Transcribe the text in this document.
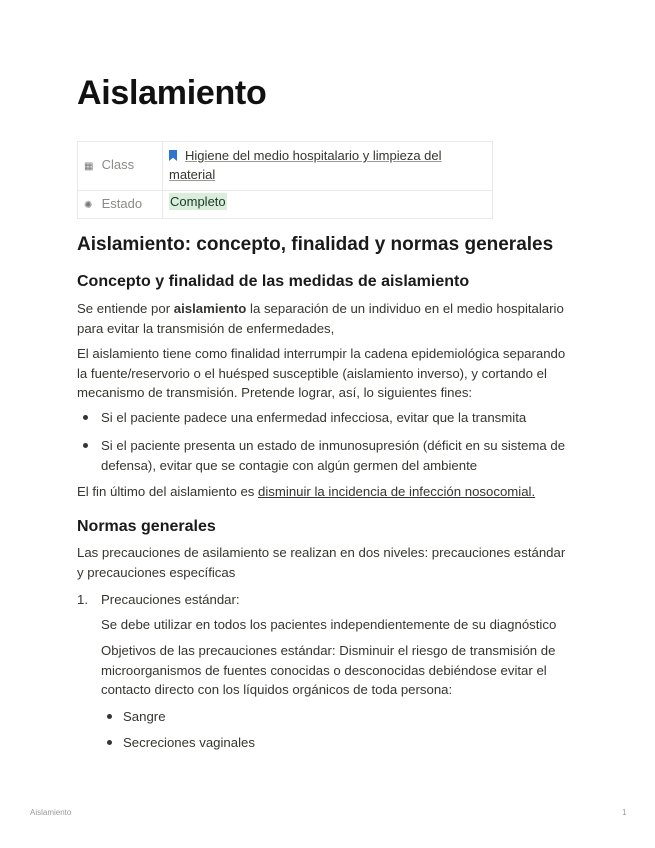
Aislamiento
▦ Class	Higiene del medio hospitalario y limpieza del material
✺ Estado	Completo
Aislamiento: concepto, finalidad y normas generales
Concepto y finalidad de las medidas de aislamiento

Se entiende por aislamiento la separación de un individuo en el medio hospitalario para evitar la transmisión de enfermedades,

El aislamiento tiene como finalidad interrumpir la cadena epidemiológica separando la fuente/reservorio o el huésped susceptible (aislamiento inverso), y cortando el mecanismo de transmisión. Pretende lograr, así, lo siguientes fines:

Si el paciente padece una enfermedad infecciosa, evitar que la transmita
Si el paciente presenta un estado de inmunosupresión (déficit en su sistema de defensa), evitar que se contagie con algún germen del ambiente

El fin último del aislamiento es disminuir la incidencia de infección nosocomial.

Normas generales

Las precauciones de asilamiento se realizan en dos niveles: precauciones estándar y precauciones específicas

1. Precauciones estándar:
Se debe utilizar en todos los pacientes independientemente de su diagnóstico
Objetivos de las precauciones estándar: Disminuir el riesgo de transmisión de microorganismos de fuentes conocidas o desconocidas debiéndose evitar el contacto directo con los líquidos orgánicos de toda persona:
Sangre
Secreciones vaginales
Aislamiento	1
